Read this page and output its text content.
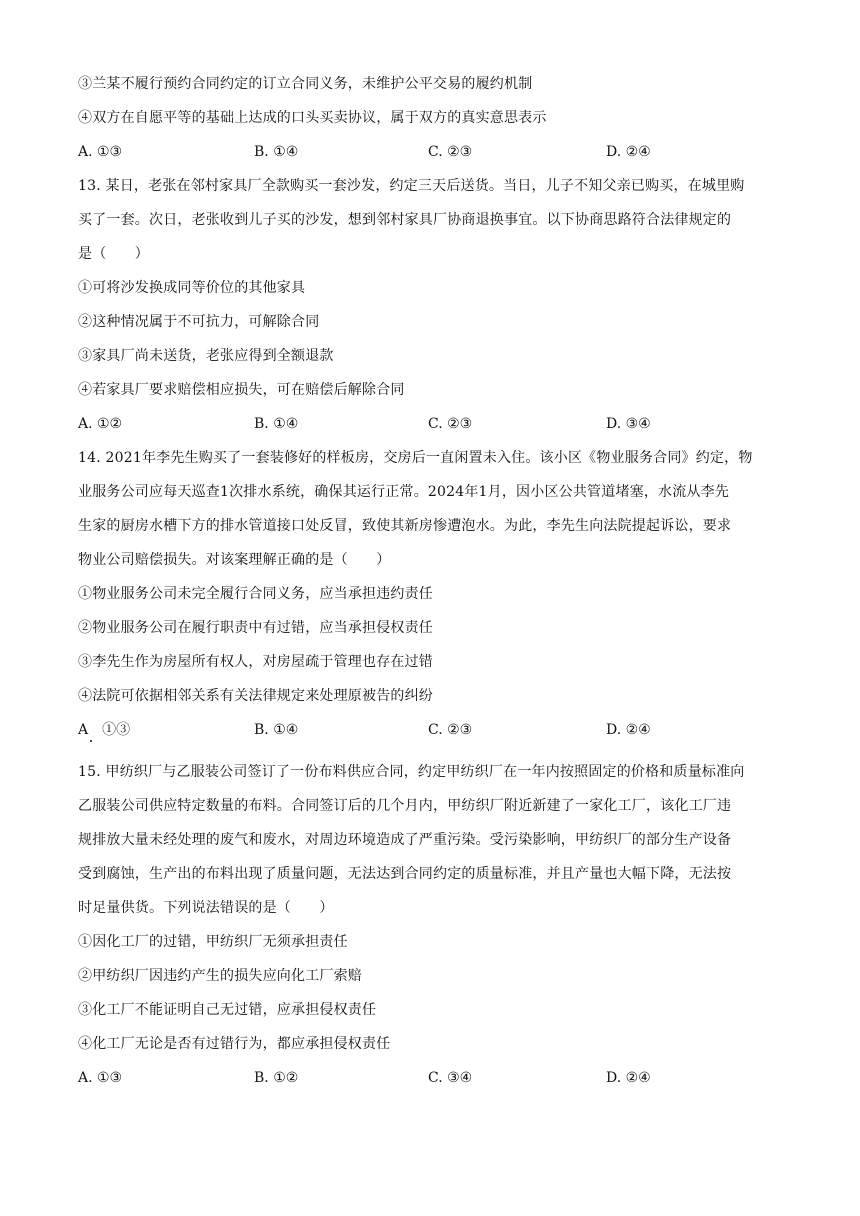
③兰某不履行预约合同约定的订立合同义务，未维护公平交易的履约机制
④双方在自愿平等的基础上达成的口头买卖协议，属于双方的真实意思表示
A. ①③	B. ①④	C. ②③	D. ②④
13. 某日，老张在邻村家具厂全款购买一套沙发，约定三天后送货。当日，儿子不知父亲已购买，在城里购
买了一套。次日，老张收到儿子买的沙发，想到邻村家具厂协商退换事宜。以下协商思路符合法律规定的
是（　　）
①可将沙发换成同等价位的其他家具
②这种情况属于不可抗力，可解除合同
③家具厂尚未送货，老张应得到全额退款
④若家具厂要求赔偿相应损失，可在赔偿后解除合同
A. ①②	B. ①④	C. ②③	D. ③④
14. 2021年李先生购买了一套装修好的样板房，交房后一直闲置未入住。该小区《物业服务合同》约定，物
业服务公司应每天巡查1次排水系统，确保其运行正常。2024年1月，因小区公共管道堵塞，水流从李先
生家的厨房水槽下方的排水管道接口处反冒，致使其新房惨遭泡水。为此，李先生向法院提起诉讼，要求
物业公司赔偿损失。对该案理解正确的是（　　）
①物业服务公司未完全履行合同义务，应当承担违约责任
②物业服务公司在履行职责中有过错，应当承担侵权责任
③李先生作为房屋所有权人，对房屋疏于管理也存在过错
④法院可依据相邻关系有关法律规定来处理原被告的纠纷
A　①③	B. ①④	C. ②③	D. ②④
15. 甲纺织厂与乙服装公司签订了一份布料供应合同，约定甲纺织厂在一年内按照固定的价格和质量标准向
乙服装公司供应特定数量的布料。合同签订后的几个月内，甲纺织厂附近新建了一家化工厂，该化工厂违
规排放大量未经处理的废气和废水，对周边环境造成了严重污染。受污染影响，甲纺织厂的部分生产设备
受到腐蚀，生产出的布料出现了质量问题，无法达到合同约定的质量标准，并且产量也大幅下降，无法按
时足量供货。下列说法错误的是（　　）
①因化工厂的过错，甲纺织厂无须承担责任
②甲纺织厂因违约产生的损失应向化工厂索赔
③化工厂不能证明自己无过错，应承担侵权责任
④化工厂无论是否有过错行为，都应承担侵权责任
A. ①③	B. ①②	C. ③④	D. ②④
